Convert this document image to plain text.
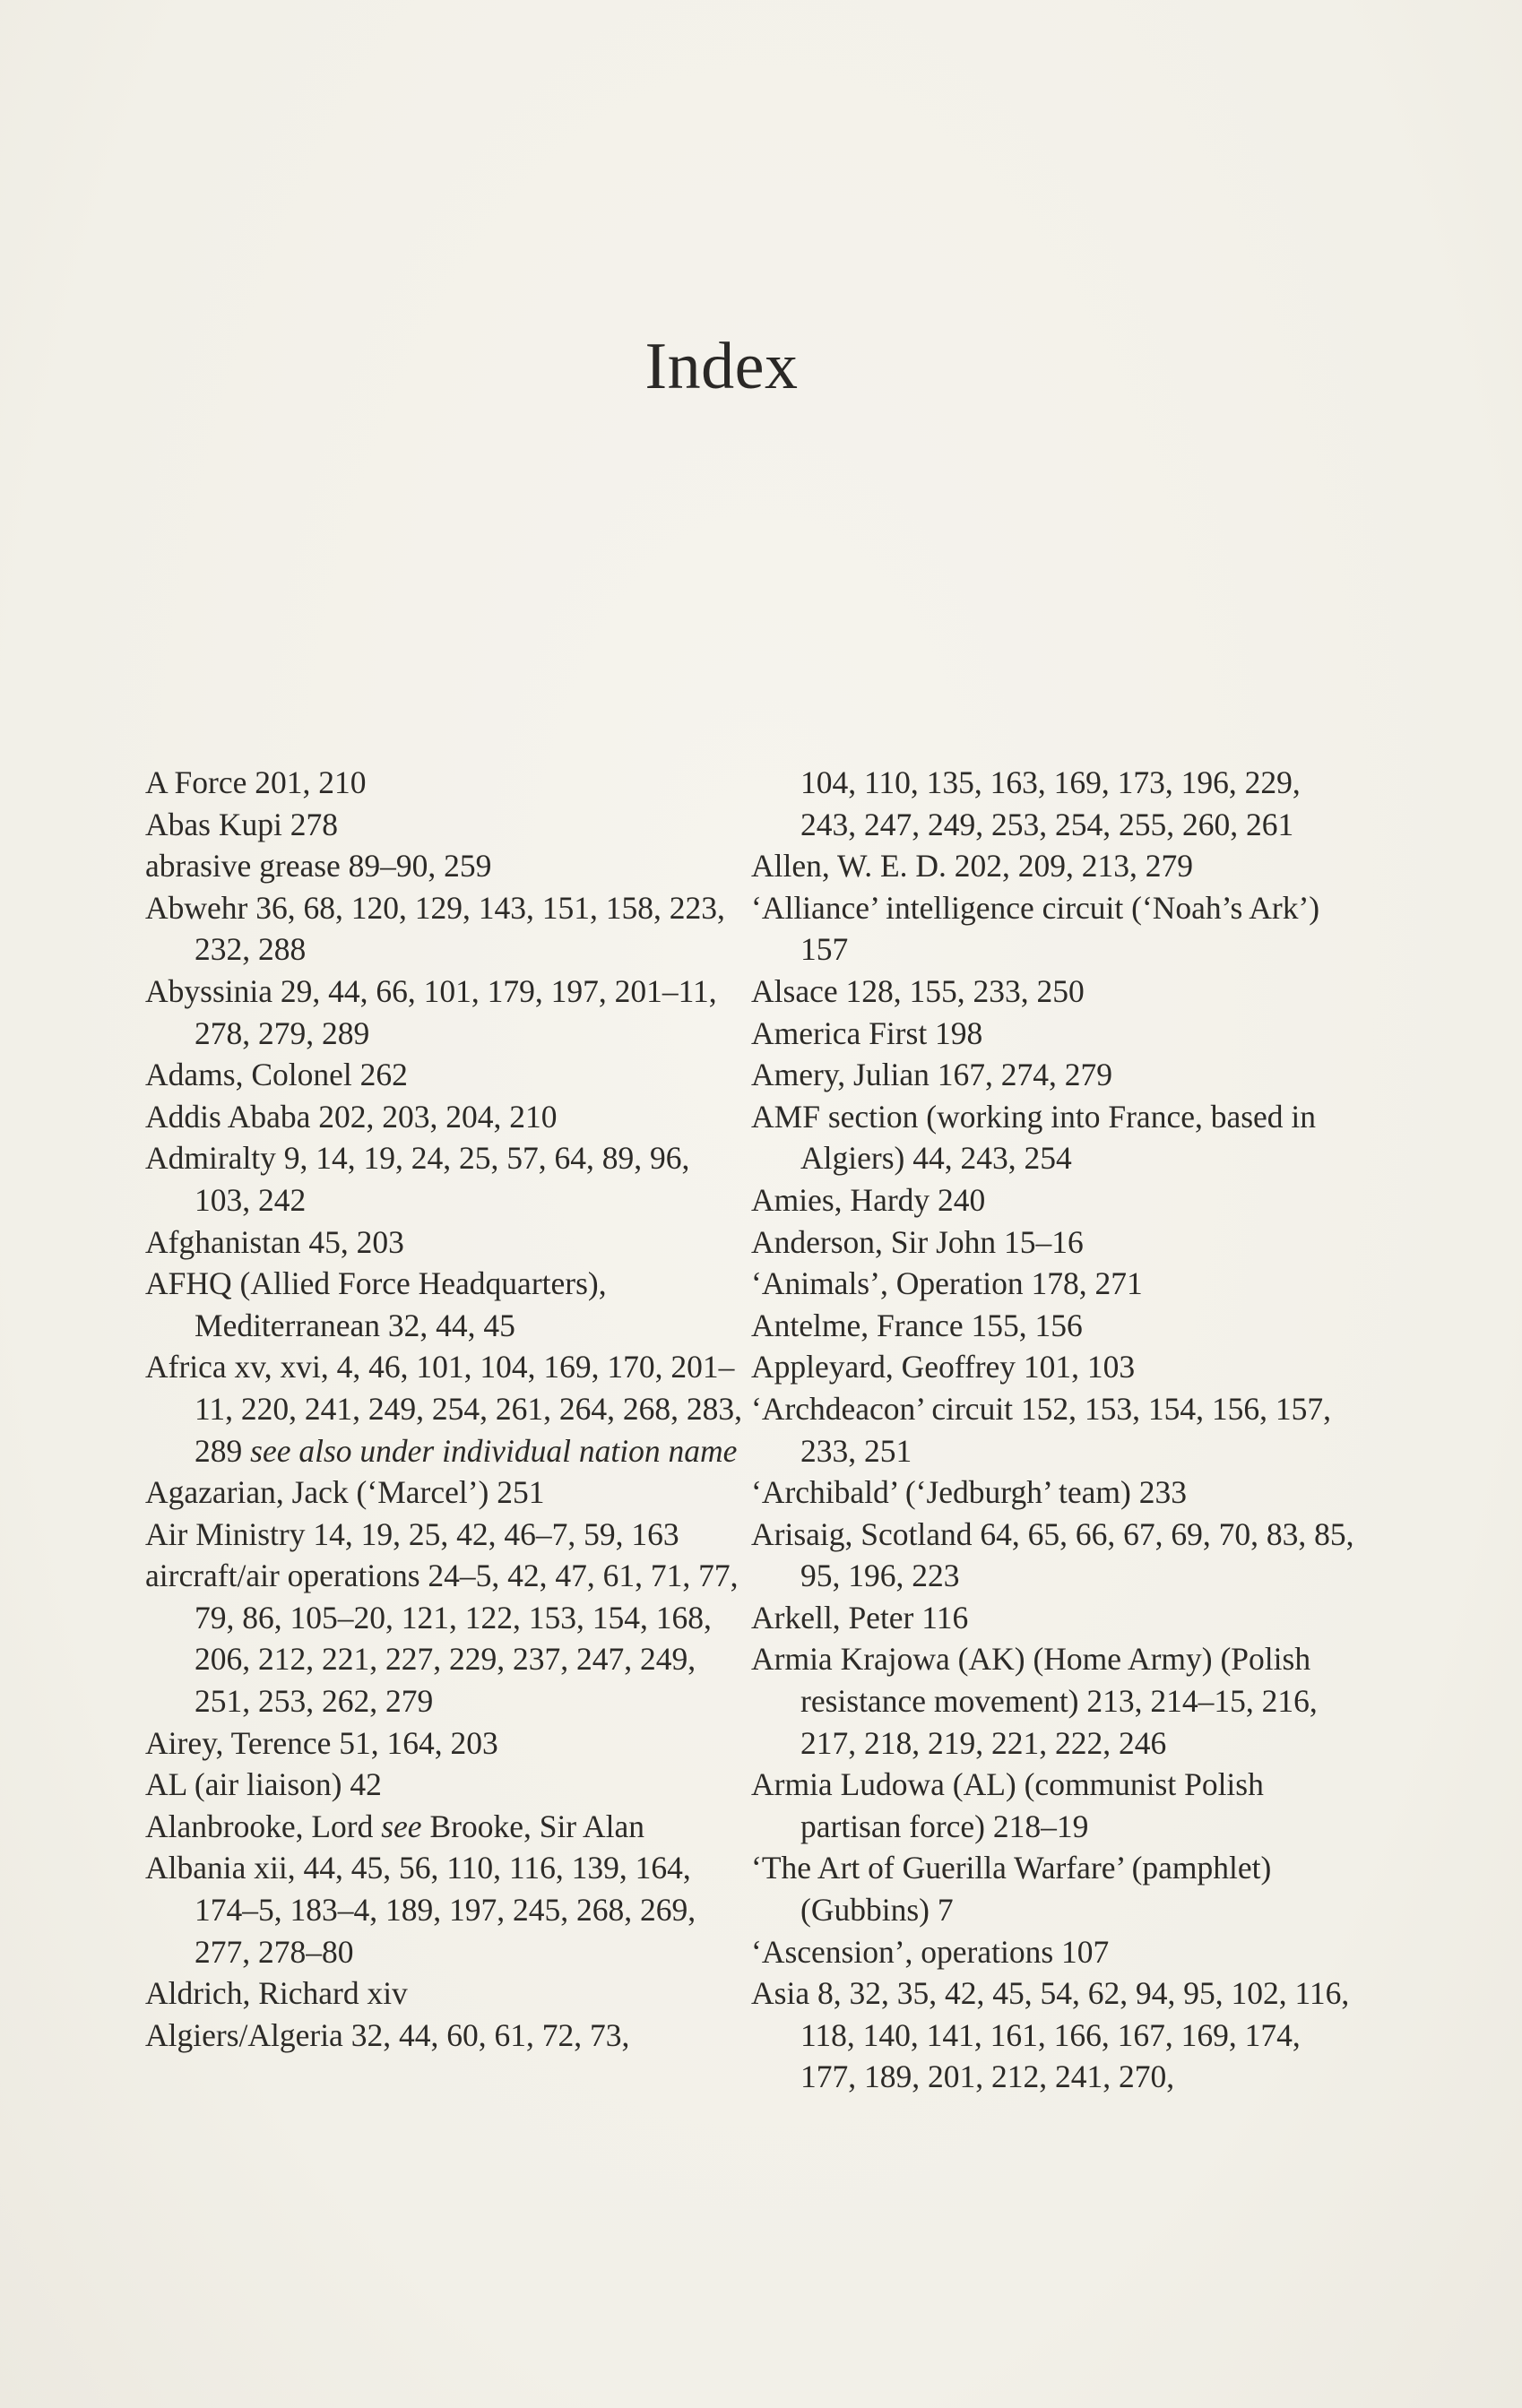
Index
A Force 201, 210
Abas Kupi 278
abrasive grease 89–90, 259
Abwehr 36, 68, 120, 129, 143, 151, 158, 223, 232, 288
Abyssinia 29, 44, 66, 101, 179, 197, 201–11, 278, 279, 289
Adams, Colonel 262
Addis Ababa 202, 203, 204, 210
Admiralty 9, 14, 19, 24, 25, 57, 64, 89, 96, 103, 242
Afghanistan 45, 203
AFHQ (Allied Force Headquarters), Mediterranean 32, 44, 45
Africa xv, xvi, 4, 46, 101, 104, 169, 170, 201–11, 220, 241, 249, 254, 261, 264, 268, 283, 289 see also under individual nation name
Agazarian, Jack (‘Marcel’) 251
Air Ministry 14, 19, 25, 42, 46–7, 59, 163
aircraft/air operations 24–5, 42, 47, 61, 71, 77, 79, 86, 105–20, 121, 122, 153, 154, 168, 206, 212, 221, 227, 229, 237, 247, 249, 251, 253, 262, 279
Airey, Terence 51, 164, 203
AL (air liaison) 42
Alanbrooke, Lord see Brooke, Sir Alan
Albania xii, 44, 45, 56, 110, 116, 139, 164, 174–5, 183–4, 189, 197, 245, 268, 269, 277, 278–80
Aldrich, Richard xiv
Algiers/Algeria 32, 44, 60, 61, 72, 73,
104, 110, 135, 163, 169, 173, 196, 229, 243, 247, 249, 253, 254, 255, 260, 261
Allen, W. E. D. 202, 209, 213, 279
‘Alliance’ intelligence circuit (‘Noah’s Ark’) 157
Alsace 128, 155, 233, 250
America First 198
Amery, Julian 167, 274, 279
AMF section (working into France, based in Algiers) 44, 243, 254
Amies, Hardy 240
Anderson, Sir John 15–16
‘Animals’, Operation 178, 271
Antelme, France 155, 156
Appleyard, Geoffrey 101, 103
‘Archdeacon’ circuit 152, 153, 154, 156, 157, 233, 251
‘Archibald’ (‘Jedburgh’ team) 233
Arisaig, Scotland 64, 65, 66, 67, 69, 70, 83, 85, 95, 196, 223
Arkell, Peter 116
Armia Krajowa (AK) (Home Army) (Polish resistance movement) 213, 214–15, 216, 217, 218, 219, 221, 222, 246
Armia Ludowa (AL) (communist Polish partisan force) 218–19
‘The Art of Guerilla Warfare’ (pamphlet) (Gubbins) 7
‘Ascension’, operations 107
Asia 8, 32, 35, 42, 45, 54, 62, 94, 95, 102, 116, 118, 140, 141, 161, 166, 167, 169, 174, 177, 189, 201, 212, 241, 270,
